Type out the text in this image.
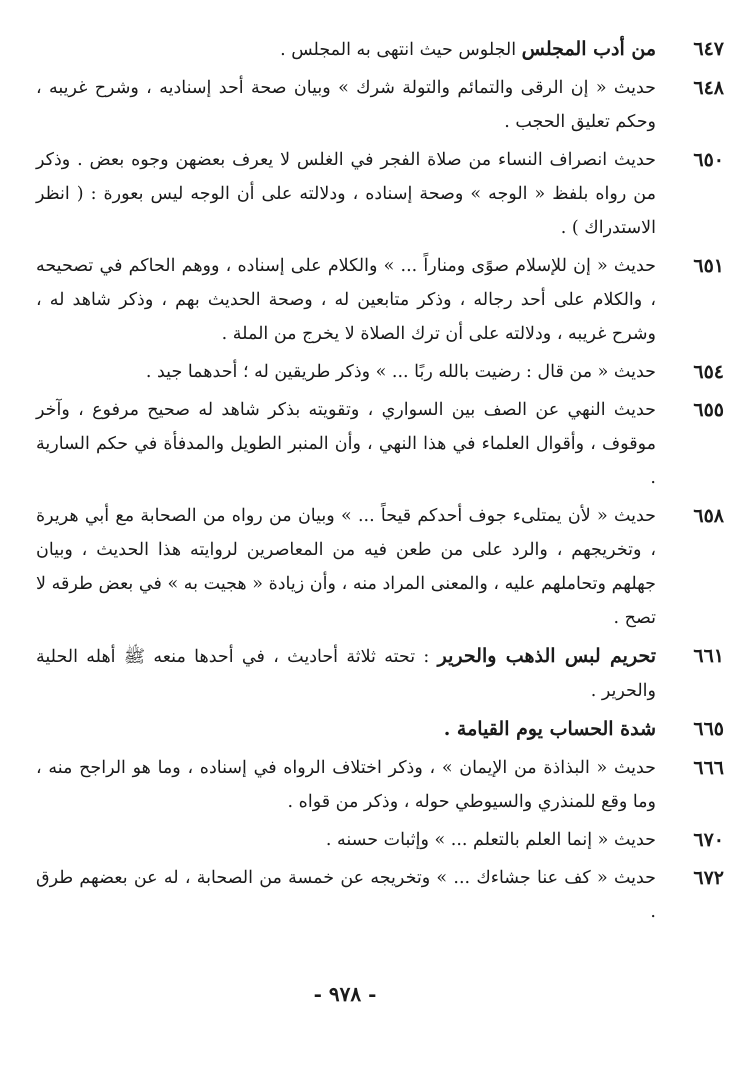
٦٤٧
من أدب المجلس الجلوس حيث انتهى به المجلس .
٦٤٨
حديث « إن الرقى والتمائم والتولة شرك » وبيان صحة أحد إسناديه ، وشرح غريبه ، وحكم تعليق الحجب .
٦٥٠
حديث انصراف النساء من صلاة الفجر في الغلس لا يعرف بعضهن وجوه بعض . وذكر من رواه بلفظ « الوجه » وصحة إسناده ، ودلالته على أن الوجه ليس بعورة : ( انظر الاستدراك ) .
٦٥١
حديث « إن للإسلام صوًى ومناراً ... » والكلام على إسناده ، ووهم الحاكم في تصحيحه ، والكلام على أحد رجاله ، وذكر متابعين له ، وصحة الحديث بهم ، وذكر شاهد له ، وشرح غريبه ، ودلالته على أن ترك الصلاة لا يخرج من الملة .
٦٥٤
حديث « من قال : رضيت بالله ربًا ... » وذكر طريقين له ؛ أحدهما جيد .
٦٥٥
حديث النهي عن الصف بين السواري ، وتقويته بذكر شاهد له صحيح مرفوع ، وآخر موقوف ، وأقوال العلماء في هذا النهي ، وأن المنبر الطويل والمدفأة في حكم السارية .
٦٥٨
حديث « لأن يمتلىء جوف أحدكم قيحاً ... » وبيان من رواه من الصحابة مع أبي هريرة ، وتخريجهم ، والرد على من طعن فيه من المعاصرين لروايته هذا الحديث ، وبيان جهلهم وتحاملهم عليه ، والمعنى المراد منه ، وأن زيادة « هجيت به » في بعض طرقه لا تصح .
٦٦١
تحريم لبس الذهب والحرير : تحته ثلاثة أحاديث ، في أحدها منعه ﷺ أهله الحلية والحرير .
٦٦٥
شدة الحساب يوم القيامة .
٦٦٦
حديث « البذاذة من الإيمان » ، وذكر اختلاف الرواه في إسناده ، وما هو الراجح منه ، وما وقع للمنذري والسيوطي حوله ، وذكر من قواه .
٦٧٠
حديث « إنما العلم بالتعلم ... » وإثبات حسنه .
٦٧٢
حديث « كف عنا جشاءك ... » وتخريجه عن خمسة من الصحابة ، له عن بعضهم طرق .
- ٩٧٨ -
